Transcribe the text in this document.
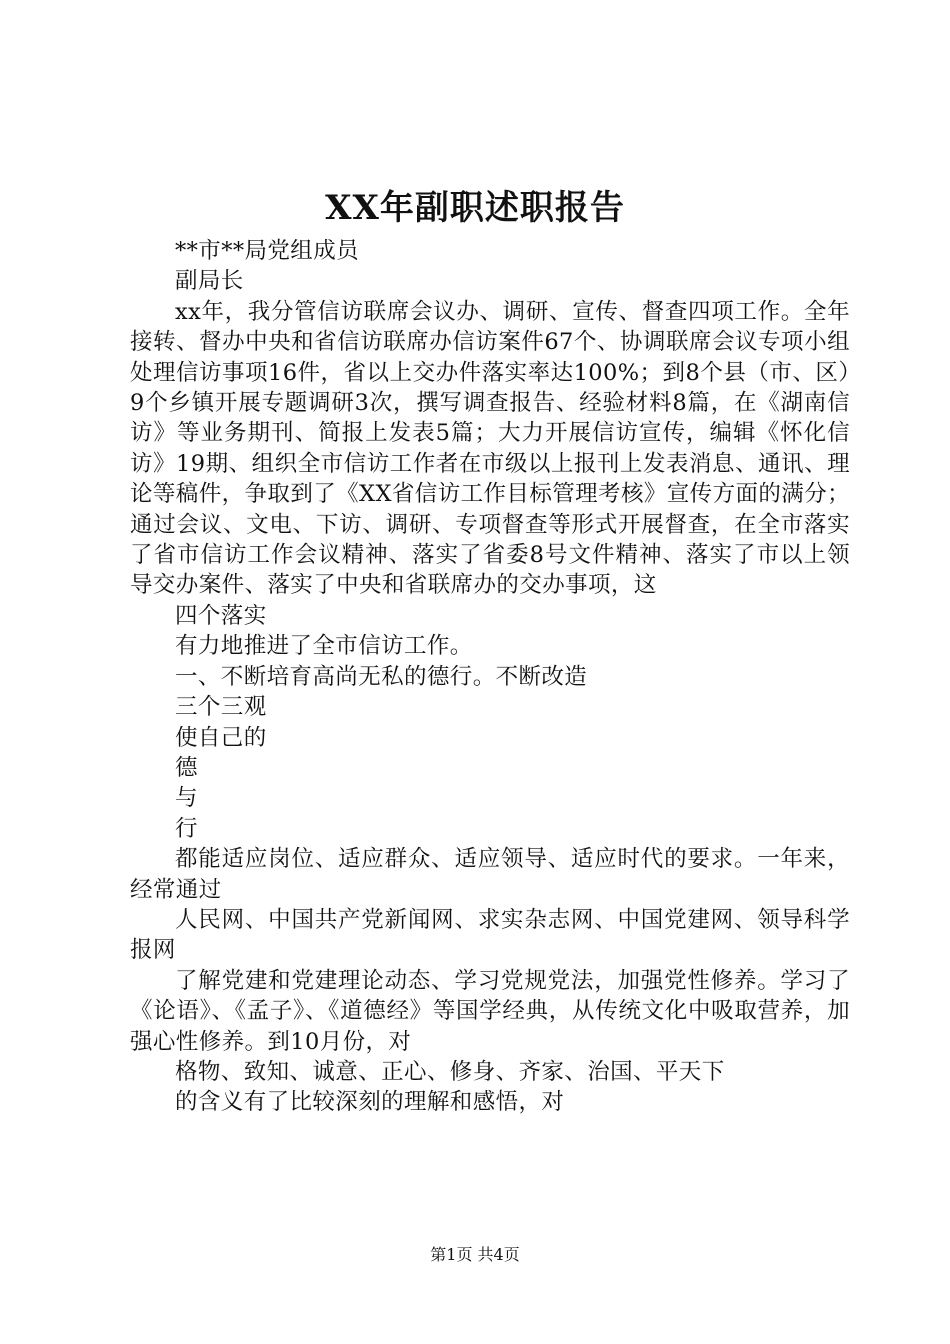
XX年副职述职报告

**市**局党组成员

副局长

xx年，我分管信访联席会议办、调研、宣传、督查四项工作。全年接转、督办中央和省信访联席办信访案件67个、协调联席会议专项小组处理信访事项16件，省以上交办件落实率达100%；到8个县（市、区）9个乡镇开展专题调研3次，撰写调查报告、经验材料8篇，在《湖南信访》等业务期刊、简报上发表5篇；大力开展信访宣传，编辑《怀化信访》19期、组织全市信访工作者在市级以上报刊上发表消息、通讯、理论等稿件，争取到了《XX省信访工作目标管理考核》宣传方面的满分；通过会议、文电、下访、调研、专项督查等形式开展督查，在全市落实了省市信访工作会议精神、落实了省委8号文件精神、落实了市以上领导交办案件、落实了中央和省联席办的交办事项，这

四个落实

有力地推进了全市信访工作。

一、不断培育高尚无私的德行。不断改造

三个三观

使自己的

德

与

行

都能适应岗位、适应群众、适应领导、适应时代的要求。一年来，经常通过

人民网、中国共产党新闻网、求实杂志网、中国党建网、领导科学报网

了解党建和党建理论动态、学习党规党法，加强党性修养。学习了《论语》、《孟子》、《道德经》等国学经典，从传统文化中吸取营养，加强心性修养。到10月份，对

格物、致知、诚意、正心、修身、齐家、治国、平天下

的含义有了比较深刻的理解和感悟，对

第1页 共4页
